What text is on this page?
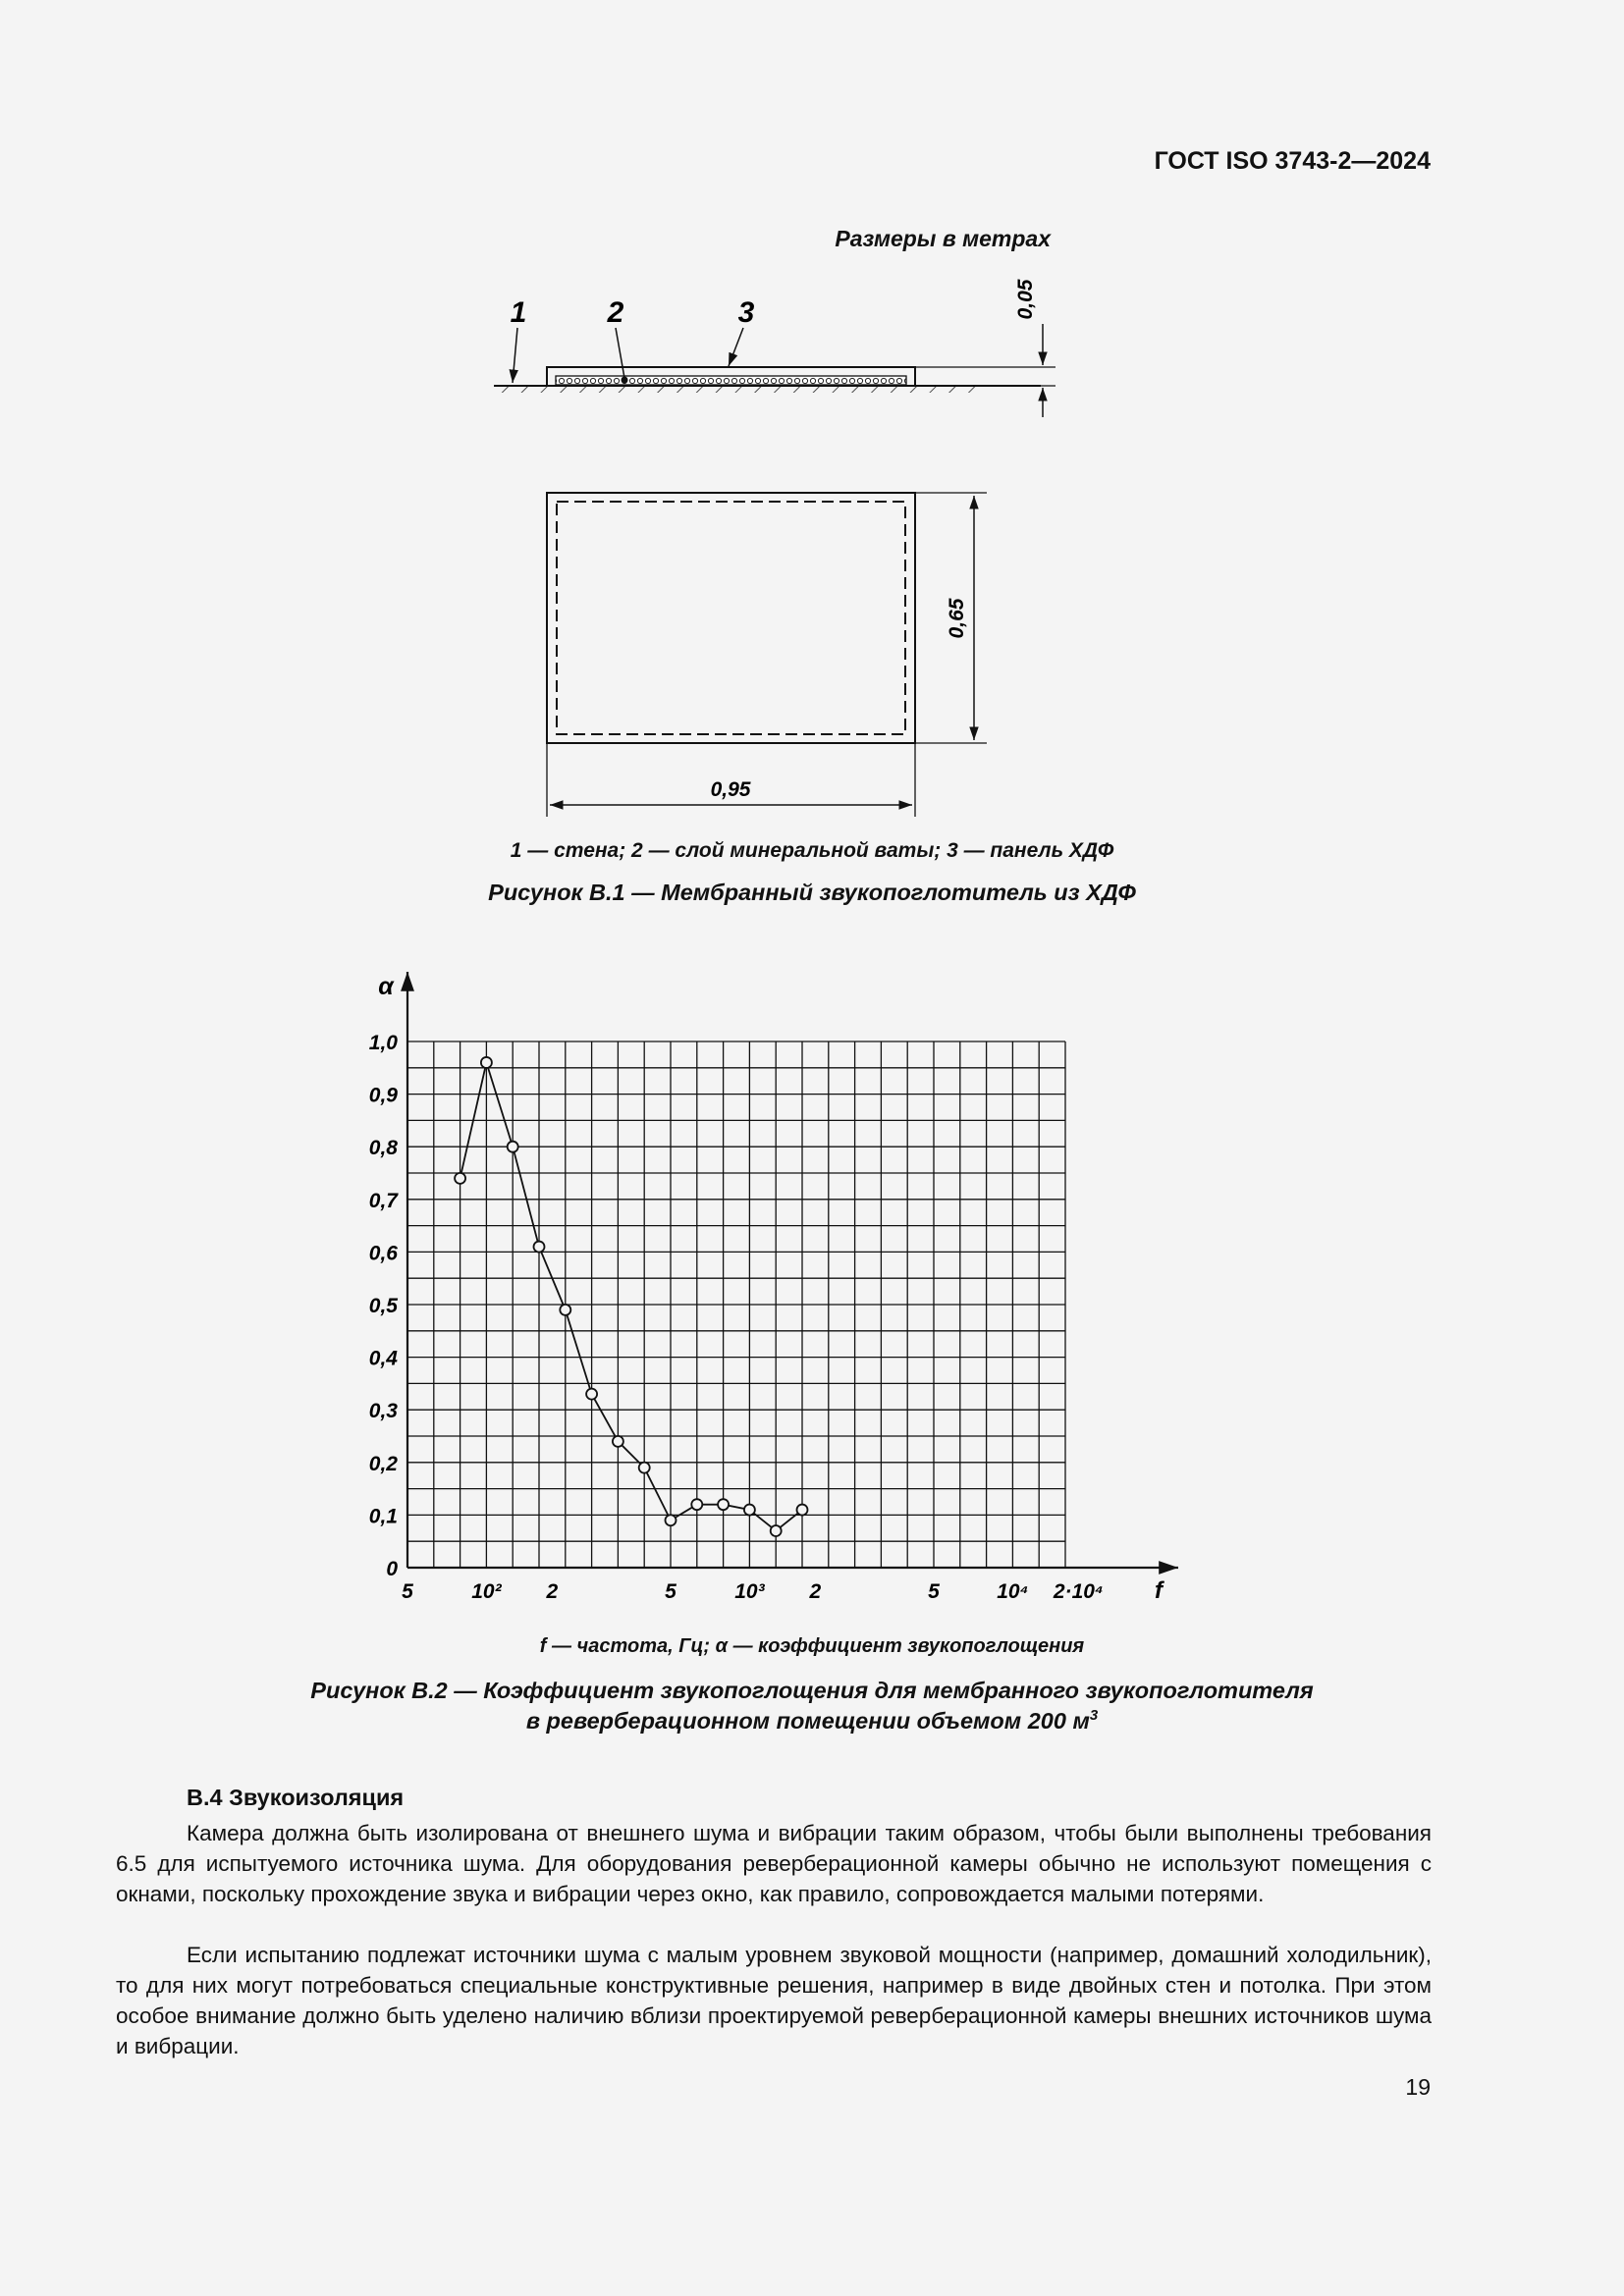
ГОСТ ISO 3743-2—2024
Размеры в метрах
0,05
1	2	3
0,65
0,95
α
f
0
0,1
0,2
0,3
0,4
0,5
0,6
0,7
0,8
0,9
1,0
5	10² 2	5	10³ 2	5	10⁴ 2·10⁴
1 — стена; 2 — слой минеральной ваты; 3 — панель ХДФ
Рисунок В.1 — Мембранный звукопоглотитель из ХДФ
f — частота, Гц; α — коэффициент звукопоглощения
Рисунок В.2 — Коэффициент звукопоглощения для мембранного звукопоглотителя
в реверберационном помещении объемом 200 $м^3$
В.4 Звукоизоляция

Камера должна быть изолирована от внешнего шума и вибрации таким образом, чтобы были выполнены требования 6.5 для испытуемого источника шума. Для оборудования реверберационной камеры обычно не используют помещения с окнами, поскольку прохождение звука и вибрации через окно, как правило, сопровождается малыми потерями.

Если испытанию подлежат источники шума с малым уровнем звуковой мощности (например, домашний холодильник), то для них могут потребоваться специальные конструктивные решения, например в виде двойных стен и потолка. При этом особое внимание должно быть уделено наличию вблизи проектируемой реверберационной камеры внешних источников шума и вибрации.

19
